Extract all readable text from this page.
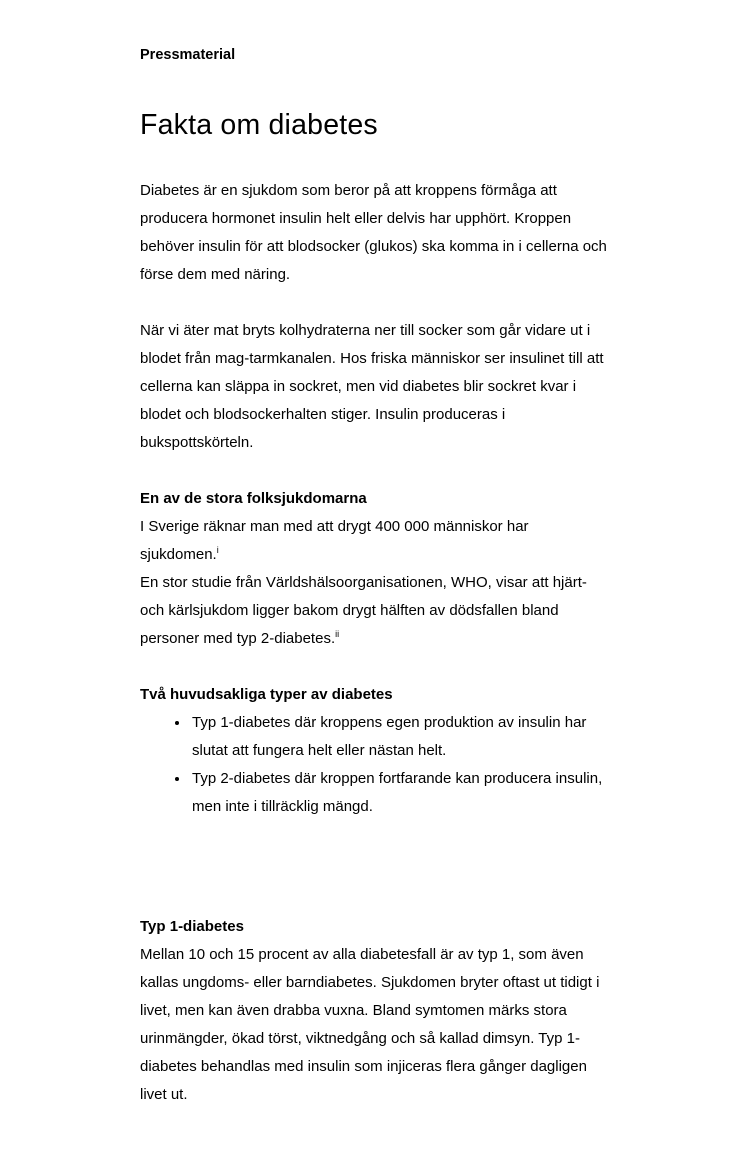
Pressmaterial

Fakta om diabetes

Diabetes är en sjukdom som beror på att kroppens förmåga att producera hormonet insulin helt eller delvis har upphört. Kroppen behöver insulin för att blodsocker (glukos) ska komma in i cellerna och förse dem med näring.

När vi äter mat bryts kolhydraterna ner till socker som går vidare ut i blodet från mag-tarmkanalen. Hos friska människor ser insulinet till att cellerna kan släppa in sockret, men vid diabetes blir sockret kvar i blodet och blodsockerhalten stiger. Insulin produceras i bukspottskörteln.

En av de stora folksjukdomarna

I Sverige räknar man med att drygt 400 000 människor har sjukdomen.$^i$
En stor studie från Världshälsoorganisationen, WHO, visar att hjärt-och kärlsjukdom ligger bakom drygt hälften av dödsfallen bland personer med typ 2-diabetes.$^{ii}$

Två huvudsakliga typer av diabetes
• Typ 1-diabetes där kroppens egen produktion av insulin har slutat att fungera helt eller nästan helt.
• Typ 2-diabetes där kroppen fortfarande kan producera insulin, men inte i tillräcklig mängd.
Typ 1-diabetes

Mellan 10 och 15 procent av alla diabetesfall är av typ 1, som även kallas ungdoms- eller barndiabetes. Sjukdomen bryter oftast ut tidigt i livet, men kan även drabba vuxna. Bland symtomen märks stora urinmängder, ökad törst, viktnedgång och så kallad dimsyn. Typ 1-diabetes behandlas med insulin som injiceras flera gånger dagligen livet ut.
